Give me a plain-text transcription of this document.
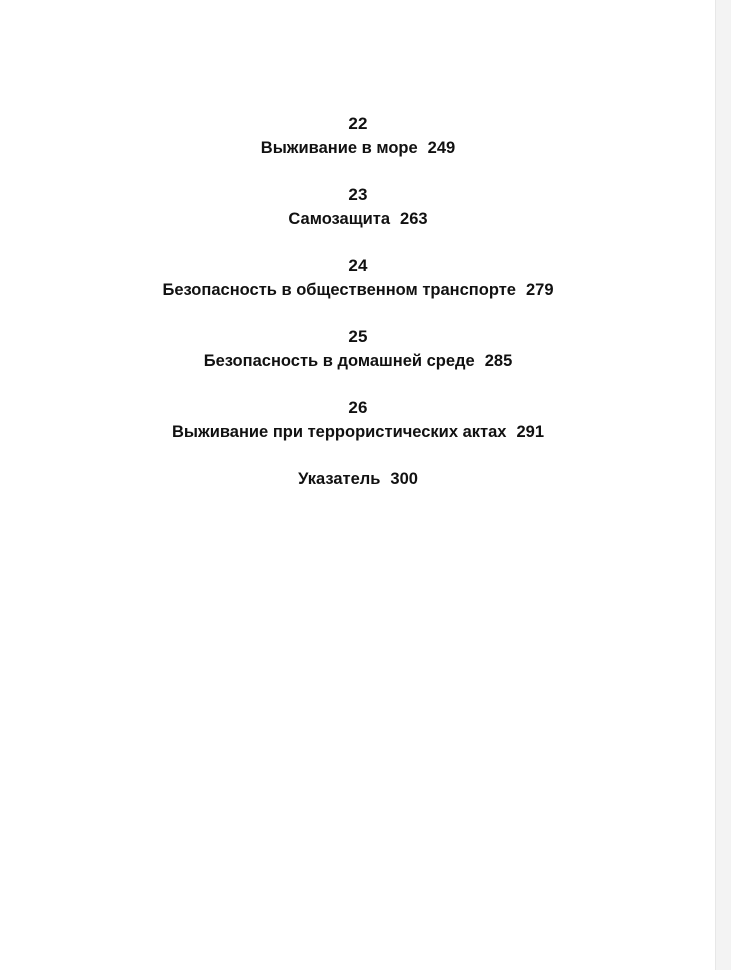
22
Выживание в море 249
23
Самозащита 263
24
Безопасность в общественном транспорте 279
25
Безопасность в домашней среде 285
26
Выживание при террористических актах 291
Указатель 300
